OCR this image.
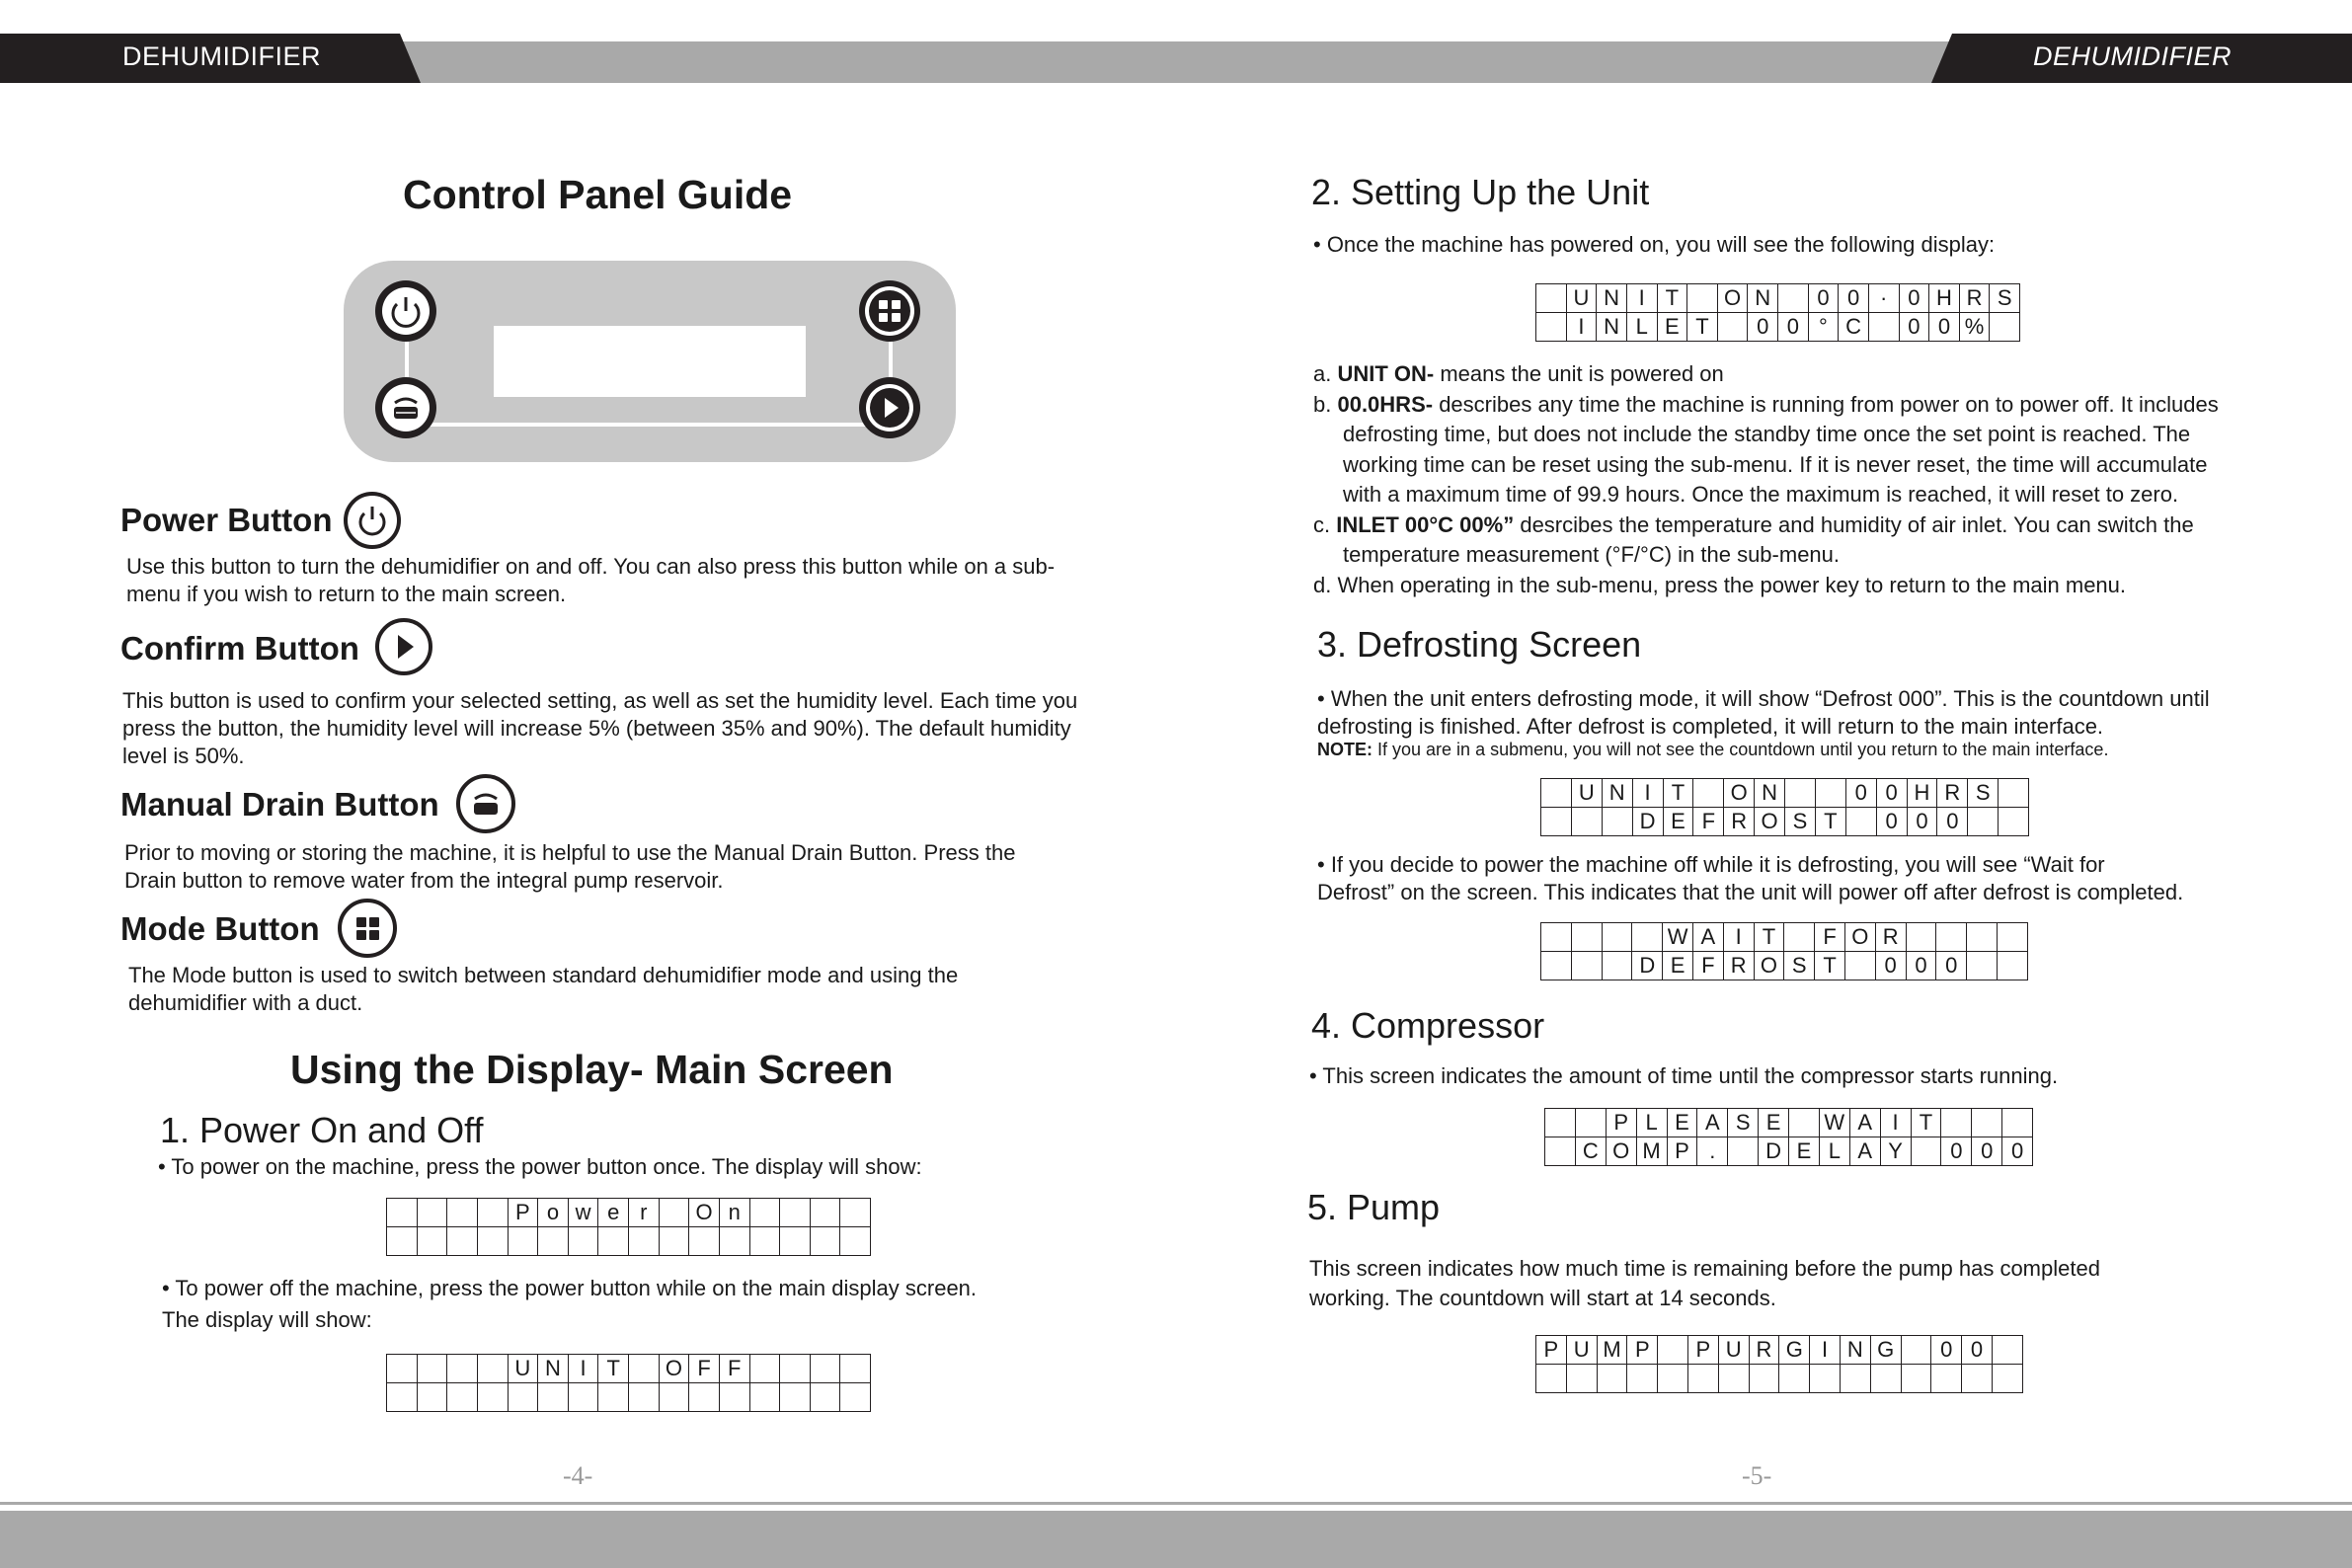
DEHUMIDIFIER	DEHUMIDIFIER
Control Panel Guide
Power Button
Use this button to turn the dehumidifier on and off. You can also press this button while on a sub-menu if you wish to return to the main screen.
Confirm Button
This button is used to confirm your selected setting, as well as set the humidity level. Each time you press the button, the humidity level will increase 5% (between 35% and 90%). The default humidity level is 50%.
Manual Drain Button
Prior to moving or storing the machine, it is helpful to use the Manual Drain Button. Press the Drain button to remove water from the integral pump reservoir.
Mode Button
The Mode button is used to switch between standard dehumidifier mode and using the dehumidifier with a duct.
Using the Display- Main Screen
1. Power On and Off
• To power on the machine, press the power button once. The display will show:
				P	o	w	e	r		O	n				

• To power off the machine, press the power button while on the main display screen. The display will show:
				U	N	I	T		O	F	F				

-4-
2. Setting Up the Unit
• Once the machine has powered on, you will see the following display:
	U	N	I	T		O	N		0	0	·	0	H	R	S
	I	N	L	E	T		0	0	°	C		0	0	%	
a. UNIT ON- means the unit is powered on
b. 00.0HRS- describes any time the machine is running from power on to power off. It includes
defrosting time, but does not include the standby time once the set point is reached. The
working time can be reset using the sub-menu. If it is never reset, the time will accumulate
with a maximum time of 99.9 hours. Once the maximum is reached, it will reset to zero.
c. INLET 00°C 00%” desrcibes the temperature and humidity of air inlet. You can switch the
temperature measurement (°F/°C) in the sub-menu.
d. When operating in the sub-menu, press the power key to return to the main menu.
3. Defrosting Screen
• When the unit enters defrosting mode, it will show “Defrost 000”. This is the countdown until defrosting is finished. After defrost is completed, it will return to the main interface.
NOTE: If you are in a submenu, you will not see the countdown until you return to the main interface.
	U	N	I	T		O	N			0	0	H	R	S	
			D	E	F	R	O	S	T		0	0	0		
• If you decide to power the machine off while it is defrosting, you will see “Wait for Defrost” on the screen. This indicates that the unit will power off after defrost is completed.
				W	A	I	T		F	O	R				
			D	E	F	R	O	S	T		0	0	0		
4. Compressor
• This screen indicates the amount of time until the compressor starts running.
		P	L	E	A	S	E		W	A	I	T			
	C	O	M	P	.		D	E	L	A	Y		0	0	0
5. Pump
This screen indicates how much time is remaining before the pump has completed working. The countdown will start at 14 seconds.
P	U	M	P		P	U	R	G	I	N	G		0	0	

-5-
